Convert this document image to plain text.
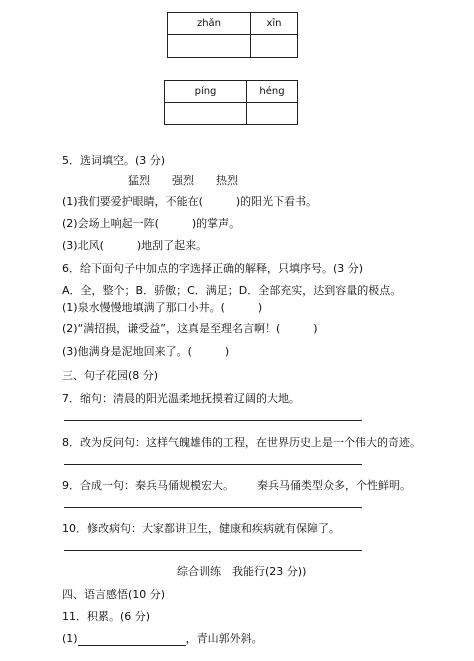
zhǎn	xīn

píng	héng

5．选词填空。(3 分)
猛烈 强烈 热烈
(1)我们要爱护眼睛，不能在(　　　)的阳光下看书。
(2)会场上响起一阵(　　　)的掌声。
(3)北风(　　　)地刮了起来。
6．给下面句子中加点的字选择正确的解释，只填序号。(3 分)
A．全，整个；B．骄傲；C．满足；D．全部充实，达到容量的极点。
(1)泉水慢慢地填满了那口小井。(　　　)
(2)“满招损，谦受益”，这真是至理名言啊！(　　　)
(3)他满身是泥地回来了。(　　　)
三、句子花园(8 分)
7．缩句：清晨的阳光温柔地抚摸着辽阔的大地。
8．改为反问句：这样气魄雄伟的工程，在世界历史上是一个伟大的奇迹。
9．合成一句：秦兵马俑规模宏大。 秦兵马俑类型众多，个性鲜明。
10．修改病句：大家都讲卫生，健康和疾病就有保障了。
综合训练　我能行(23 分))
四、语言感悟(10 分)
11．积累。(6 分)
(1)	，青山郭外斜。
